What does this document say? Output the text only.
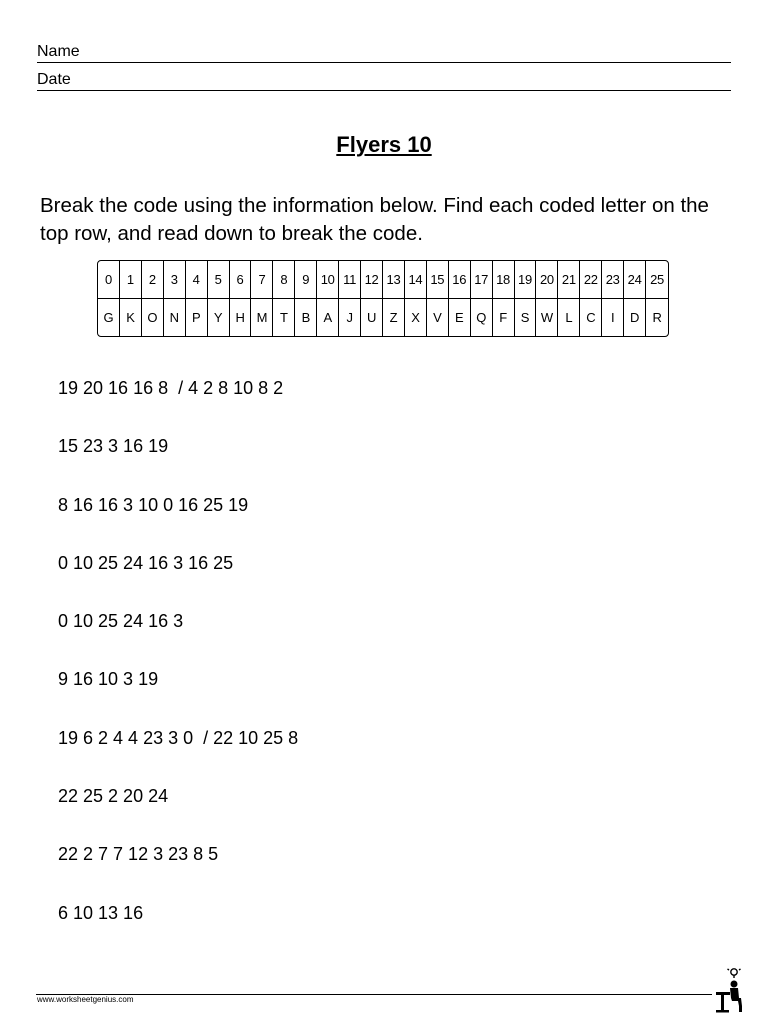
Name
Date
Flyers 10
Break the code using the information below. Find each coded letter on the top row, and read down to break the code.
0	1	2	3	4	5	6	7	8	9 10 11 12 13 14 15 16 17 18 19 20 21 22 23 24 25
G K O N	P	Y	H M T	B	A	J	U	Z	X	V	E Q	F	S W L	C	I	D	R
19 20 16 16 8  / 4 2 8 10 8 2
15 23 3 16 19
8 16 16 3 10 0 16 25 19
0 10 25 24 16 3 16 25
0 10 25 24 16 3
9 16 10 3 19
19 6 2 4 4 23 3 0  / 22 10 25 8
22 25 2 20 24
22 2 7 7 12 3 23 8 5
6 10 13 16
www.worksheetgenius.com
